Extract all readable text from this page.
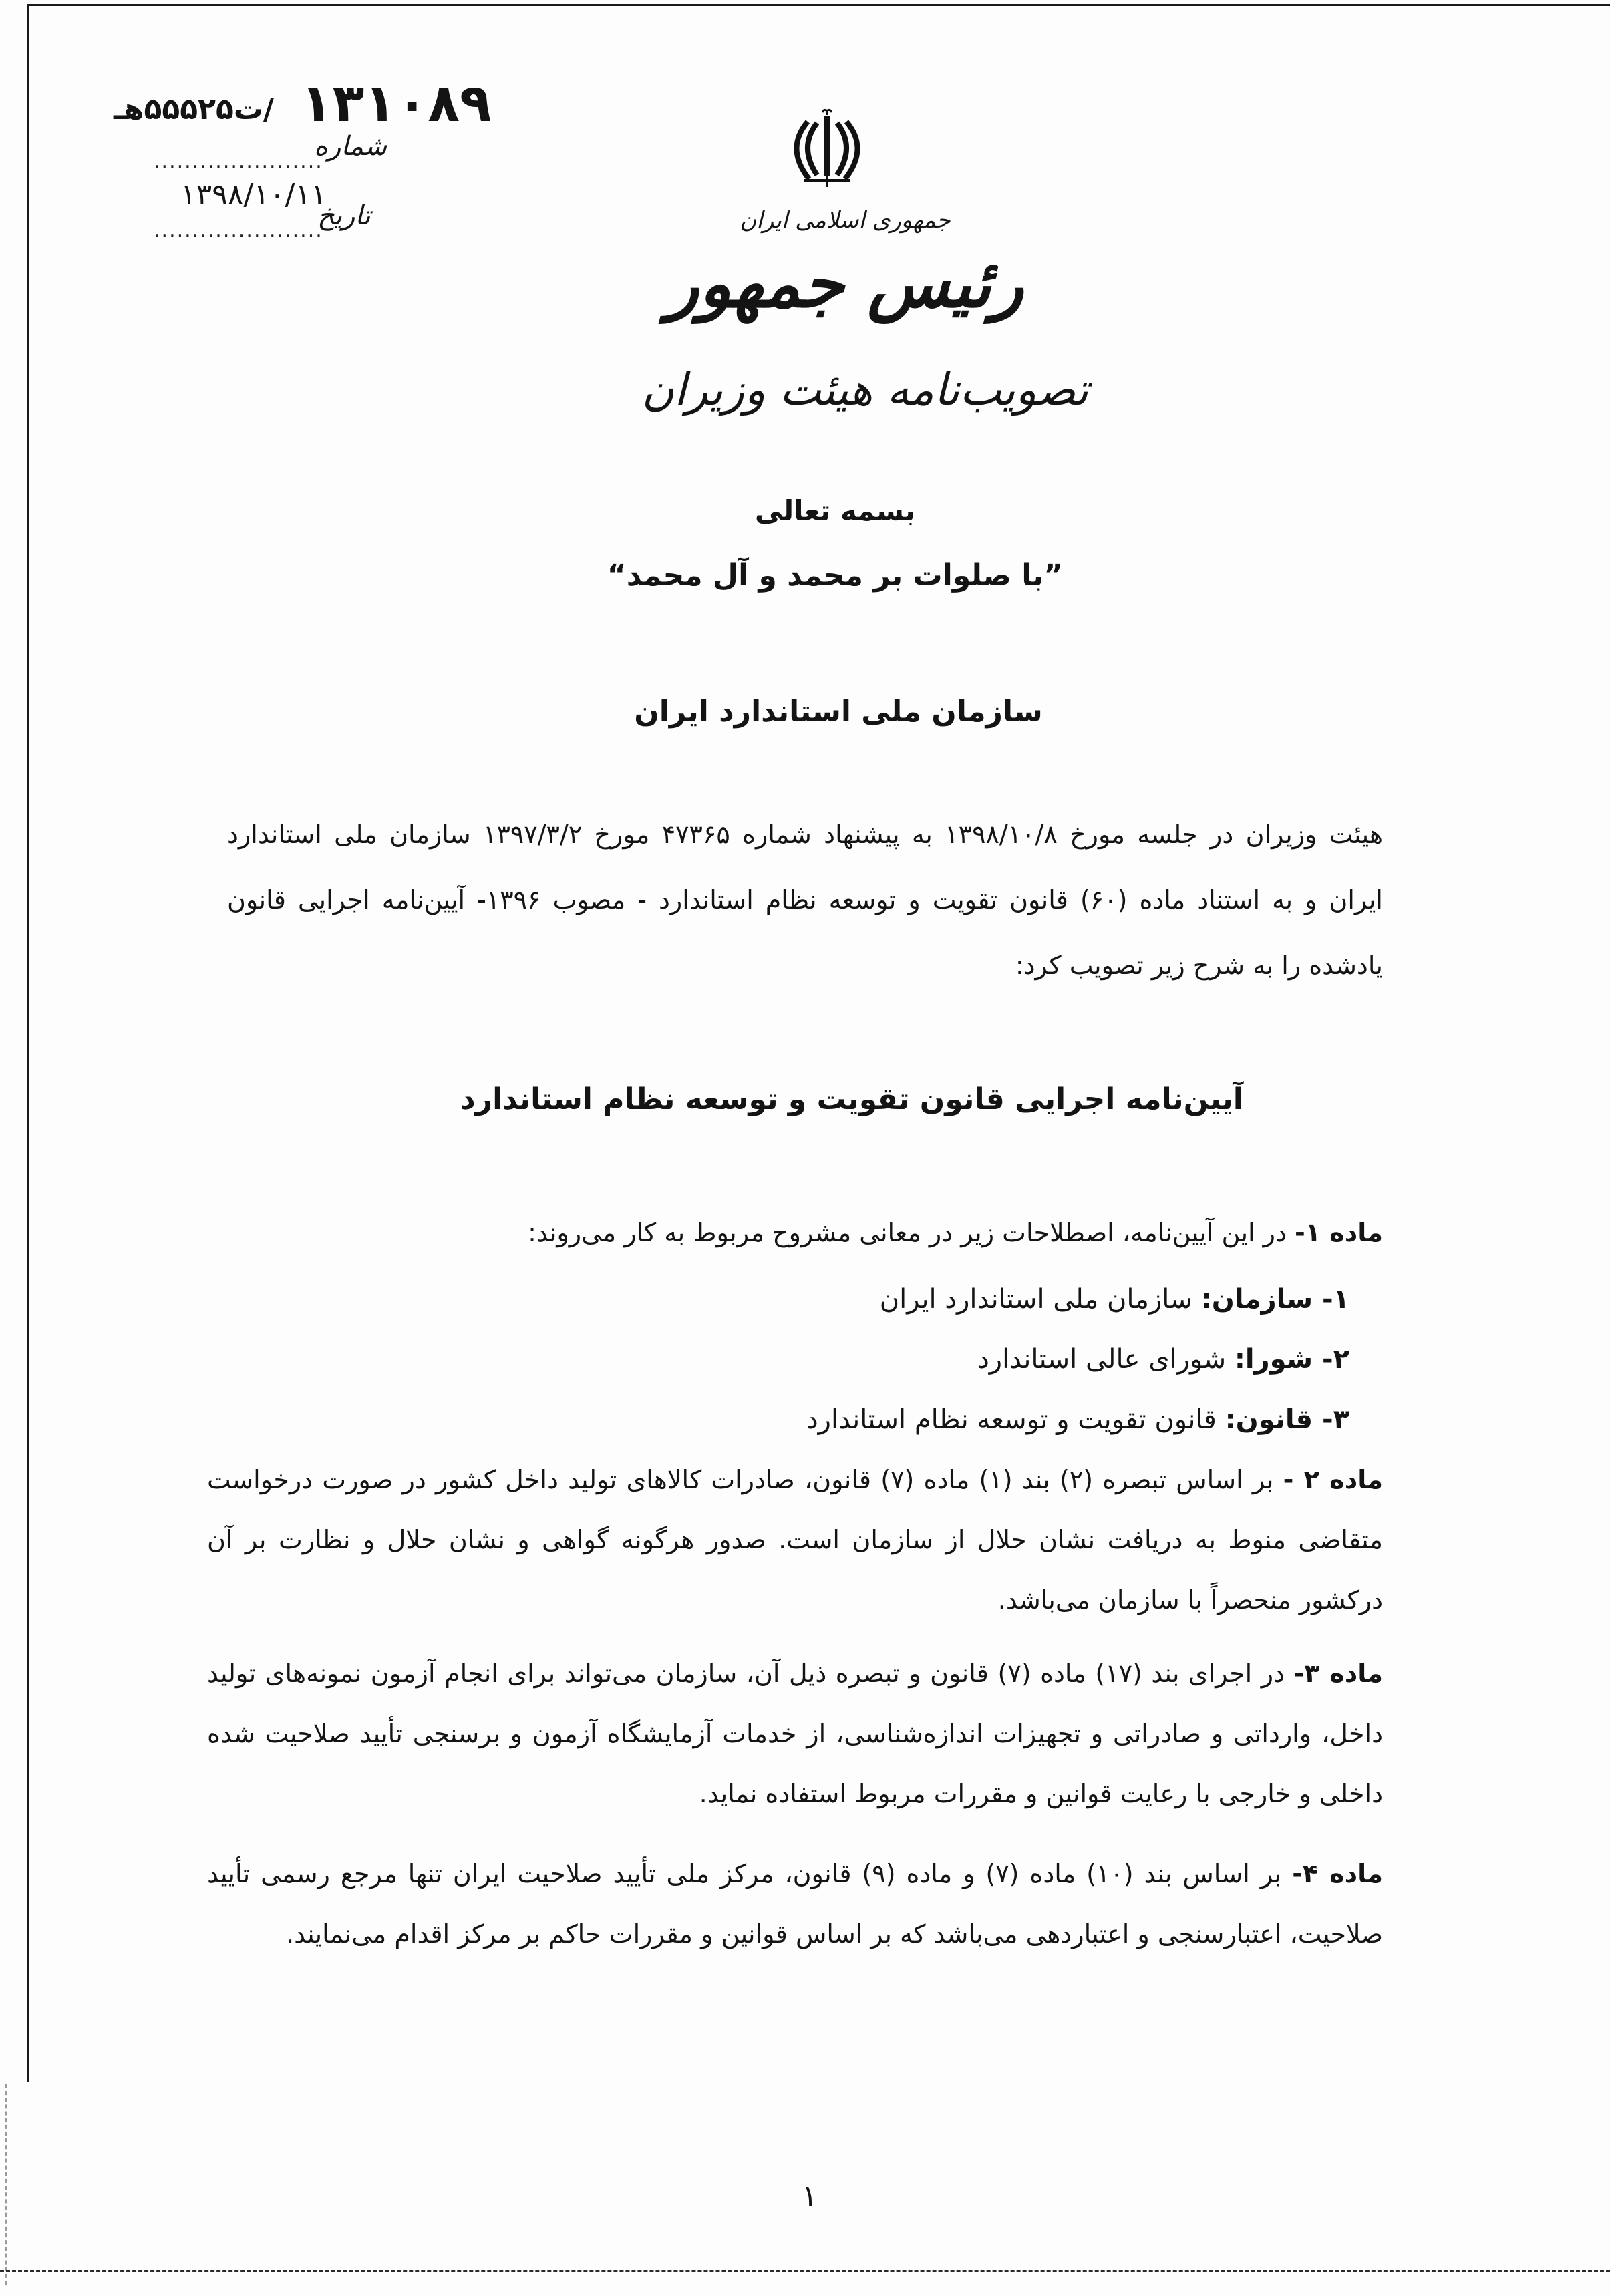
۱۳۱۰۸۹
/ت۵۵۵۲۵هـ
شماره
......................
۱۳۹۸/۱۰/۱۱
تاریخ
......................	جمهوری اسلامی ایران
رئیس جمهور
تصویب‌نامه هیئت وزیران
بسمه تعالی
”با صلوات بر محمد و آل محمد“
سازمان ملی استاندارد ایران
هیئت وزیران در جلسه مورخ ۱۳۹۸/۱۰/۸ به پیشنهاد شماره ۴۷۳۶۵ مورخ ۱۳۹۷/۳/۲ سازمان ملی استاندارد ایران و به استناد ماده (۶۰) قانون تقویت و توسعه نظام استاندارد - مصوب ۱۳۹۶- آیین‌نامه اجرایی قانون یادشده را به شرح زیر تصویب کرد:
آیین‌نامه اجرایی قانون تقویت و توسعه نظام استاندارد
ماده ۱- در این آیین‌نامه، اصطلاحات زیر در معانی مشروح مربوط به کار می‌روند:
۱- سازمان: سازمان ملی استاندارد ایران
۲- شورا: شورای عالی استاندارد
۳- قانون: قانون تقویت و توسعه نظام استاندارد
ماده ۲ - بر اساس تبصره (۲) بند (۱) ماده (۷) قانون، صادرات کالاهای تولید داخل کشور در صورت درخواست متقاضی منوط به دریافت نشان حلال از سازمان است. صدور هرگونه گواهی و نشان حلال و نظارت بر آن درکشور منحصراً با سازمان می‌باشد.
ماده ۳- در اجرای بند (۱۷) ماده (۷) قانون و تبصره ذیل آن، سازمان می‌تواند برای انجام آزمون نمونه‌های تولید داخل، وارداتی و صادراتی و تجهیزات اندازه‌شناسی، از خدمات آزمایشگاه آزمون و برسنجی تأیید صلاحیت شده داخلی و خارجی با رعایت قوانین و مقررات مربوط استفاده نماید.
ماده ۴- بر اساس بند (۱۰) ماده (۷) و ماده (۹) قانون، مرکز ملی تأیید صلاحیت ایران تنها مرجع رسمی تأیید صلاحیت، اعتبارسنجی و اعتباردهی می‌باشد که بر اساس قوانین و مقررات حاکم بر مرکز اقدام می‌نمایند.
۱
